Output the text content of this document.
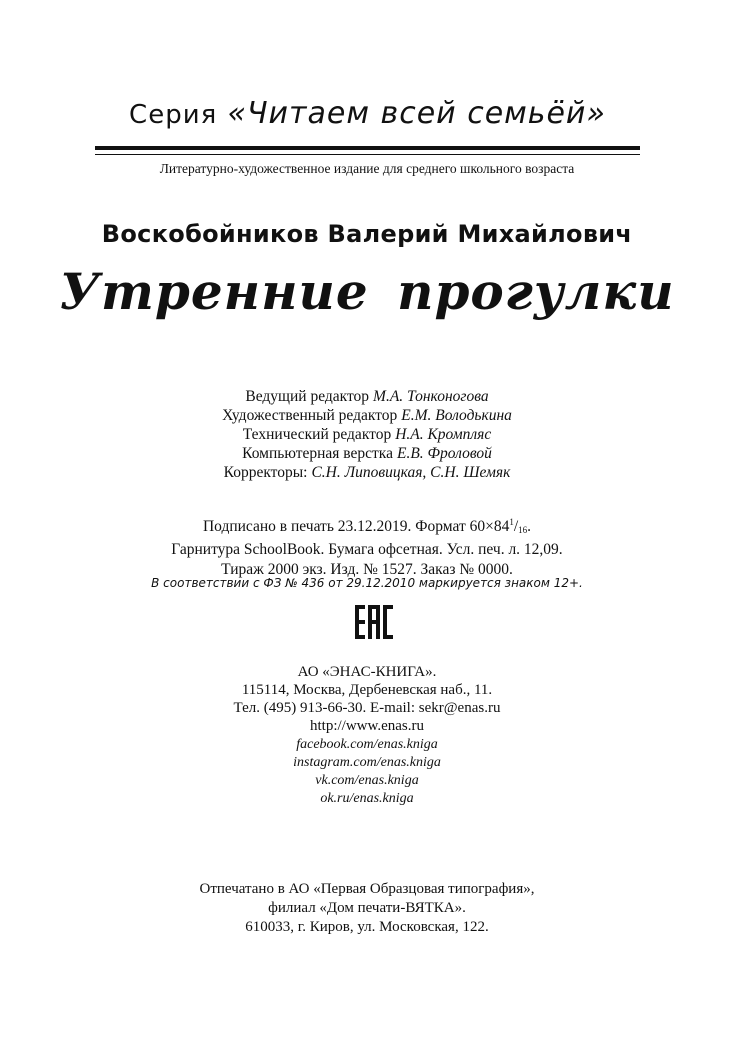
Серия «Читаем всей семьёй»
Литературно-художественное издание для среднего школьного возраста
Воскобойников Валерий Михайлович
Утренние прогулки
Ведущий редактор М.А. Тонконогова
Художественный редактор Е.М. Володькина
Технический редактор Н.А. Кромпляс
Компьютерная верстка Е.В. Фроловой
Корректоры: С.Н. Липовицкая, С.Н. Шемяк
Подписано в печать 23.12.2019. Формат $60\times 84^1/_{16}$.
Гарнитура SchoolBook. Бумага офсетная. Усл. печ. л. 12,09.
Тираж 2000 экз. Изд. № 1527. Заказ № 0000.
В соответствии с ФЗ № 436 от 29.12.2010 маркируется знаком 12+.
АО «ЭНАС-КНИГА».
115114, Москва, Дербеневская наб., 11.
Тел. (495) 913-66-30. E-mail: sekr@enas.ru
http://www.enas.ru
facebook.com/enas.kniga
instagram.com/enas.kniga
vk.com/enas.kniga
ok.ru/enas.kniga
Отпечатано в АО «Первая Образцовая типография»,
филиал «Дом печати-ВЯТКА».
610033, г. Киров, ул. Московская, 122.
